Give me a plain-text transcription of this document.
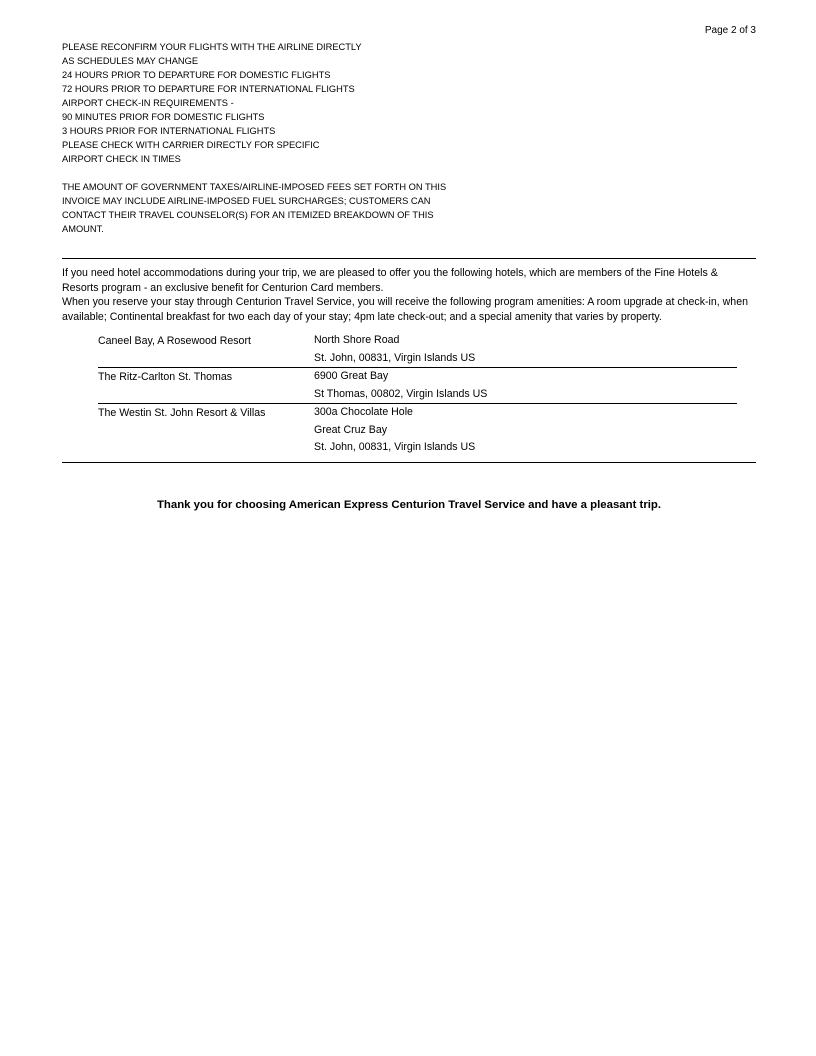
Page 2 of 3
PLEASE RECONFIRM YOUR FLIGHTS WITH THE AIRLINE DIRECTLY
AS SCHEDULES MAY CHANGE
24 HOURS PRIOR TO DEPARTURE FOR DOMESTIC FLIGHTS
72 HOURS PRIOR TO DEPARTURE FOR INTERNATIONAL FLIGHTS
AIRPORT CHECK-IN REQUIREMENTS -
90 MINUTES PRIOR FOR DOMESTIC FLIGHTS
3 HOURS PRIOR FOR INTERNATIONAL FLIGHTS
PLEASE CHECK WITH CARRIER DIRECTLY FOR SPECIFIC
AIRPORT CHECK IN TIMES
THE AMOUNT OF GOVERNMENT TAXES/AIRLINE-IMPOSED FEES SET FORTH ON THIS
INVOICE MAY INCLUDE AIRLINE-IMPOSED FUEL SURCHARGES; CUSTOMERS CAN
CONTACT THEIR TRAVEL COUNSELOR(S) FOR AN ITEMIZED BREAKDOWN OF THIS
AMOUNT.
If you need hotel accommodations during your trip, we are pleased to offer you the following hotels, which are members of the Fine Hotels & Resorts program - an exclusive benefit for Centurion Card members.
When you reserve your stay through Centurion Travel Service, you will receive the following program amenities: A room upgrade at check-in, when available; Continental breakfast for two each day of your stay; 4pm late check-out; and a special amenity that varies by property.
Caneel Bay, A Rosewood Resort	North Shore Road
St. John, 00831, Virgin Islands US

The Ritz-Carlton St. Thomas	6900 Great Bay
St Thomas, 00802, Virgin Islands US

The Westin St. John Resort & Villas	300a Chocolate Hole
Great Cruz Bay
St. John, 00831, Virgin Islands US
Thank you for choosing American Express Centurion Travel Service and have a pleasant trip.
